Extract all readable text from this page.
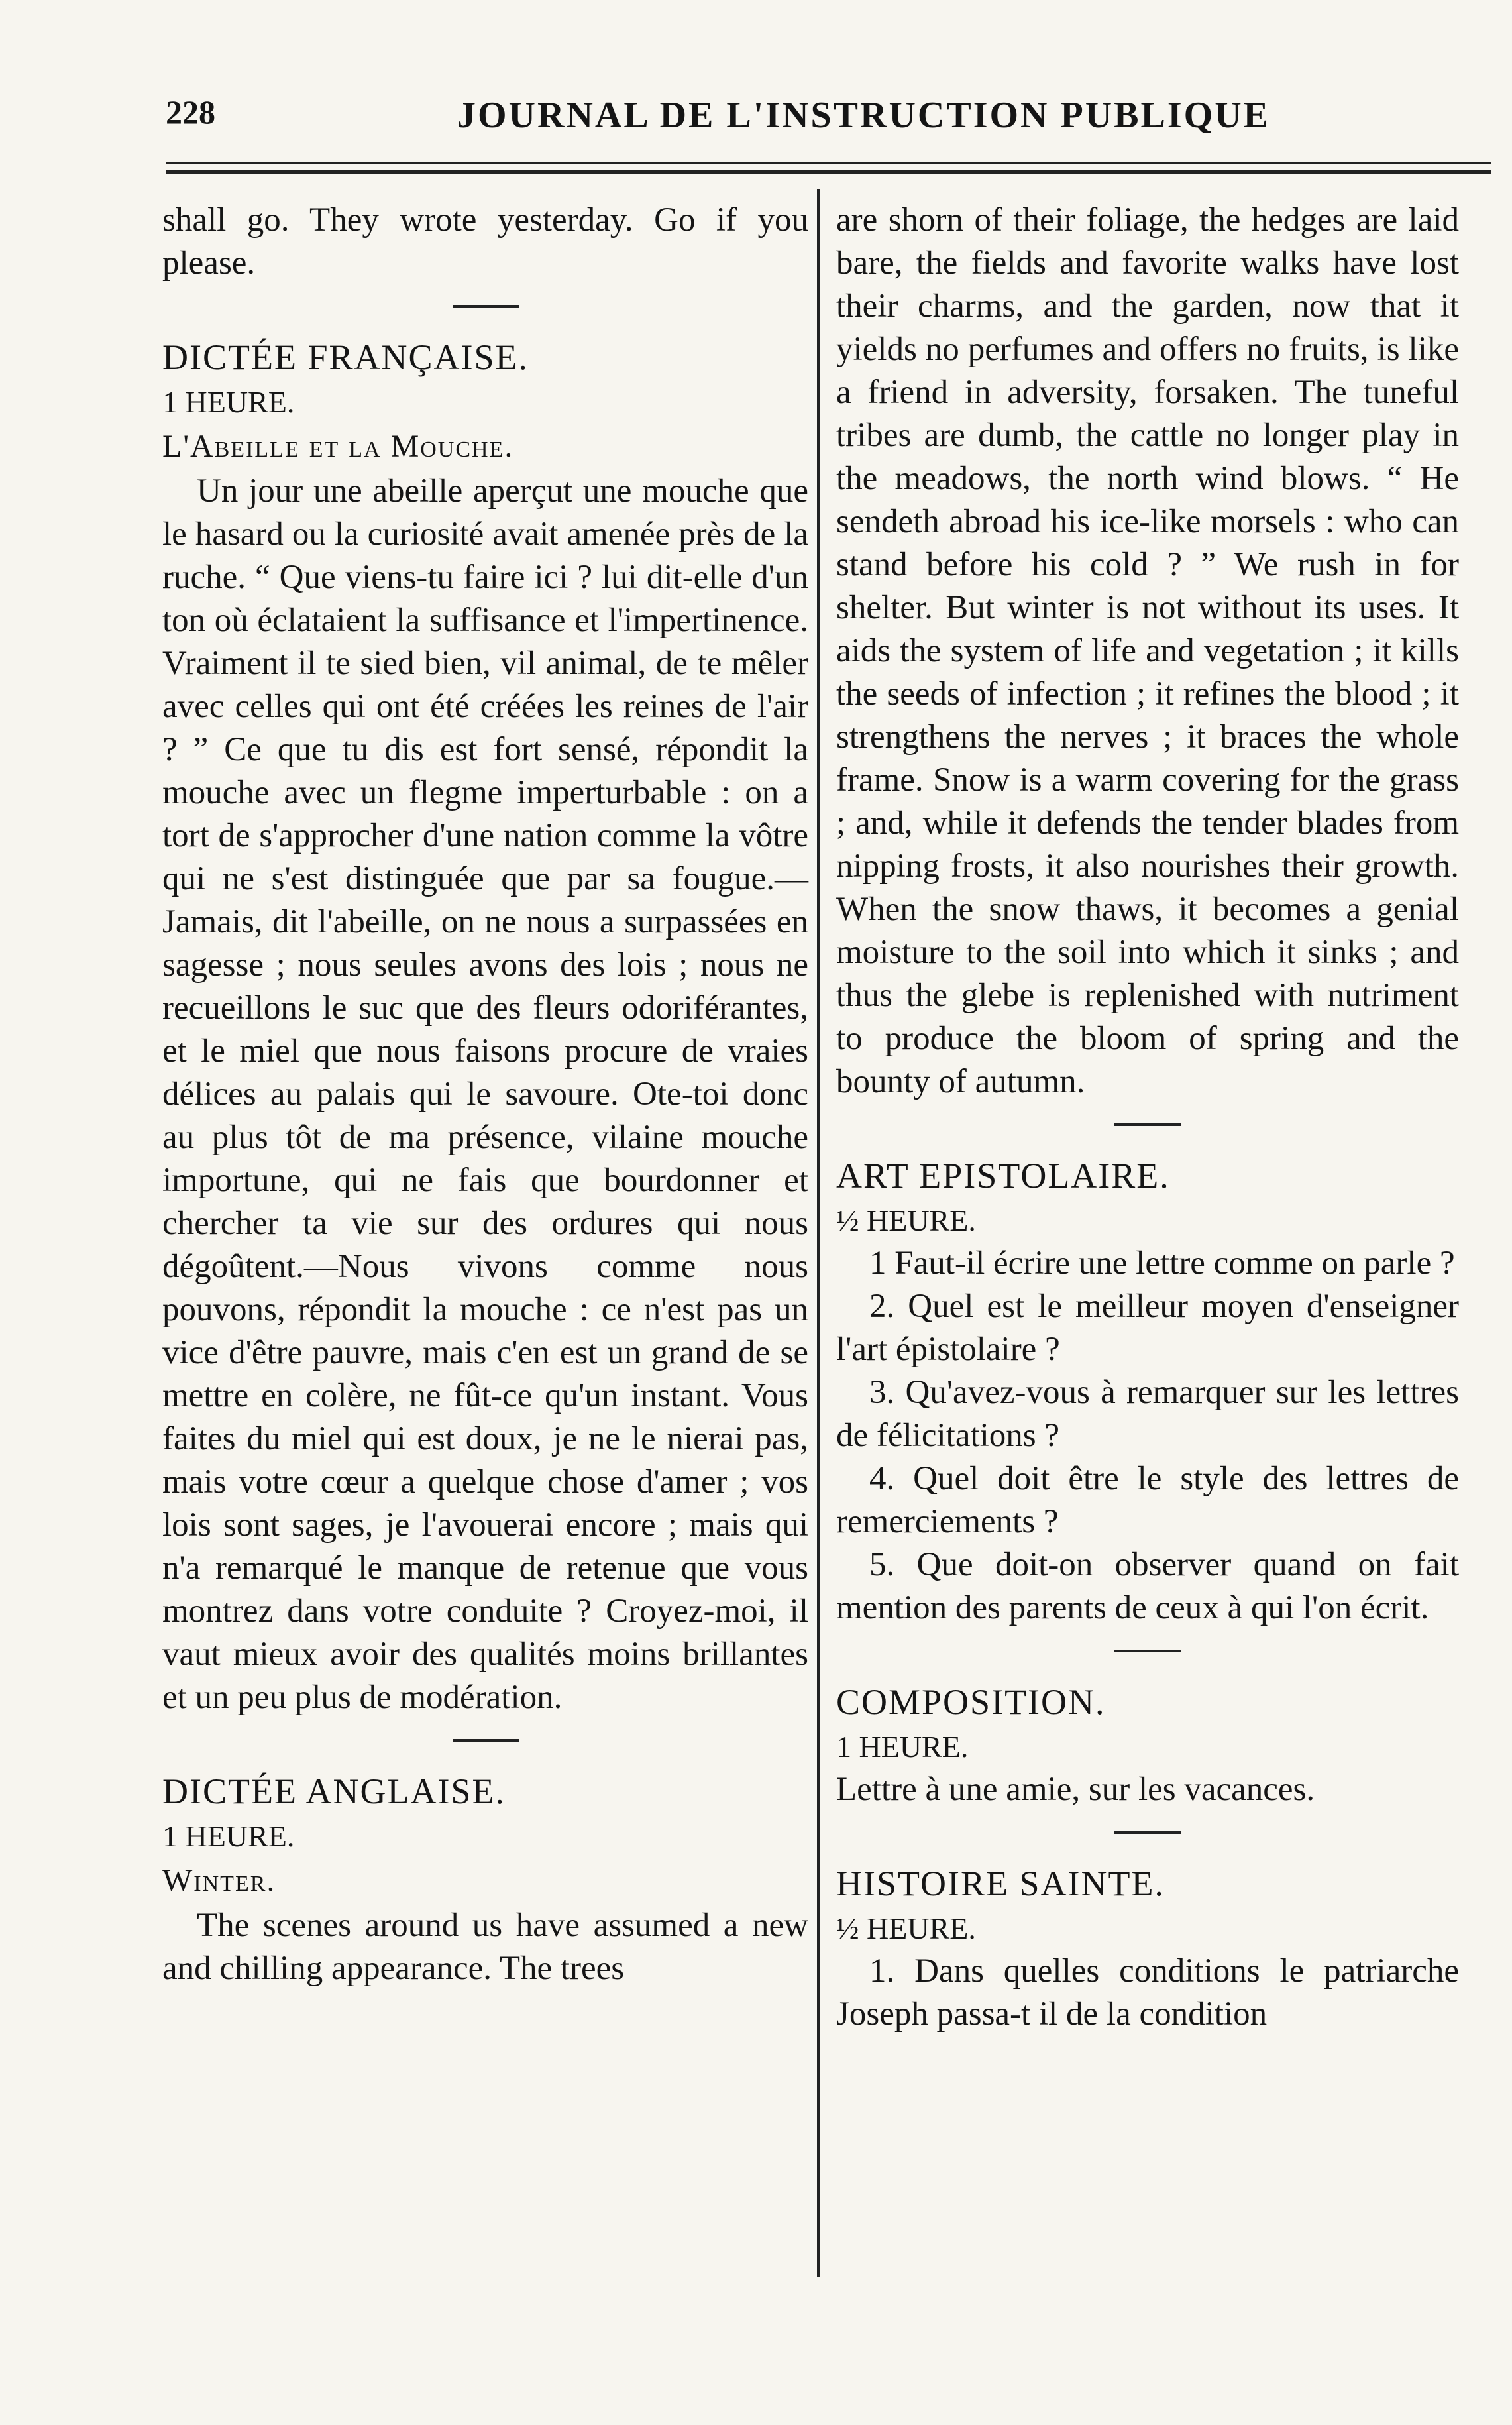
228	JOURNAL DE L'INSTRUCTION PUBLIQUE

shall go. They wrote yesterday. Go if you please.

DICTÉE FRANÇAISE.

1 HEURE.

L'Abeille et la Mouche.

Un jour une abeille aperçut une mouche que le hasard ou la curiosité avait amenée près de la ruche. “ Que viens-tu faire ici ? lui dit-elle d'un ton où éclataient la suffisance et l'impertinence. Vraiment il te sied bien, vil animal, de te mêler avec celles qui ont été créées les reines de l'air ? ” Ce que tu dis est fort sensé, répondit la mouche avec un flegme imperturbable : on a tort de s'approcher d'une nation comme la vôtre qui ne s'est distinguée que par sa fougue.—Jamais, dit l'abeille, on ne nous a surpassées en sagesse ; nous seules avons des lois ; nous ne recueillons le suc que des fleurs odoriférantes, et le miel que nous faisons procure de vraies délices au palais qui le savoure. Ote-toi donc au plus tôt de ma présence, vilaine mouche importune, qui ne fais que bourdonner et chercher ta vie sur des ordures qui nous dégoûtent.—Nous vivons comme nous pouvons, répondit la mouche : ce n'est pas un vice d'être pauvre, mais c'en est un grand de se mettre en colère, ne fût-ce qu'un instant. Vous faites du miel qui est doux, je ne le nierai pas, mais votre cœur a quelque chose d'amer ; vos lois sont sages, je l'avouerai encore ; mais qui n'a remarqué le manque de retenue que vous montrez dans votre conduite ? Croyez-moi, il vaut mieux avoir des qualités moins brillantes et un peu plus de modération.

DICTÉE ANGLAISE.

1 HEURE.

Winter.

The scenes around us have assumed a new and chilling appearance. The trees

are shorn of their foliage, the hedges are laid bare, the fields and favorite walks have lost their charms, and the garden, now that it yields no perfumes and offers no fruits, is like a friend in adversity, forsaken. The tuneful tribes are dumb, the cattle no longer play in the meadows, the north wind blows. “ He sendeth abroad his ice-like morsels : who can stand before his cold ? ” We rush in for shelter. But winter is not without its uses. It aids the system of life and vegetation ; it kills the seeds of infection ; it refines the blood ; it strengthens the nerves ; it braces the whole frame. Snow is a warm covering for the grass ; and, while it defends the tender blades from nipping frosts, it also nourishes their growth. When the snow thaws, it becomes a genial moisture to the soil into which it sinks ; and thus the glebe is replenished with nutriment to produce the bloom of spring and the bounty of autumn.

ART EPISTOLAIRE.

½ HEURE.

1 Faut-il écrire une lettre comme on parle ?

2. Quel est le meilleur moyen d'enseigner l'art épistolaire ?

3. Qu'avez-vous à remarquer sur les lettres de félicitations ?

4. Quel doit être le style des lettres de remerciements ?

5. Que doit-on observer quand on fait mention des parents de ceux à qui l'on écrit.

COMPOSITION.

1 HEURE.

Lettre à une amie, sur les vacances.

HISTOIRE SAINTE.

½ HEURE.

1. Dans quelles conditions le patriarche Joseph passa-t il de la condition
